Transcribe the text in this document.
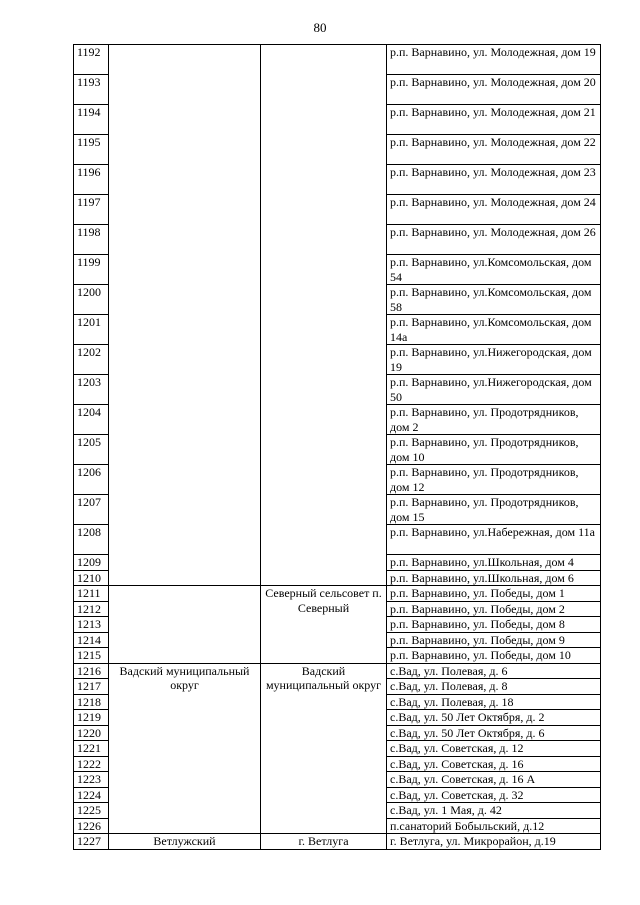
80
1192			р.п. Варнавино, ул. Молодежная, дом 19
1193			р.п. Варнавино, ул. Молодежная, дом 20
1194			р.п. Варнавино, ул. Молодежная, дом 21
1195			р.п. Варнавино, ул. Молодежная, дом 22
1196			р.п. Варнавино, ул. Молодежная, дом 23
1197			р.п. Варнавино, ул. Молодежная, дом 24
1198			р.п. Варнавино, ул. Молодежная, дом 26
1199			р.п. Варнавино, ул.Комсомольская, дом 54
1200			р.п. Варнавино, ул.Комсомольская, дом 58
1201			р.п. Варнавино, ул.Комсомольская, дом 14а
1202			р.п. Варнавино, ул.Нижегородская, дом 19
1203			р.п. Варнавино, ул.Нижегородская, дом 50
1204			р.п. Варнавино, ул. Продотрядников, дом 2
1205			р.п. Варнавино, ул. Продотрядников, дом 10
1206			р.п. Варнавино, ул. Продотрядников, дом 12
1207			р.п. Варнавино, ул. Продотрядников, дом 15
1208			р.п. Варнавино, ул.Набережная, дом 11а
1209			р.п. Варнавино, ул.Школьная, дом 4
1210			р.п. Варнавино, ул.Школьная, дом 6
1211		Северный сельсовет п. Северный	р.п. Варнавино, ул. Победы, дом 1
1212			р.п. Варнавино, ул. Победы, дом 2
1213			р.п. Варнавино, ул. Победы, дом 8
1214			р.п. Варнавино, ул. Победы, дом 9
1215			р.п. Варнавино, ул. Победы, дом 10
1216	Вадский муниципальный округ	Вадский муниципальный округ	с.Вад, ул. Полевая, д. 6
1217			с.Вад, ул. Полевая, д. 8
1218			с.Вад, ул. Полевая, д. 18
1219			с.Вад, ул. 50 Лет Октября, д. 2
1220			с.Вад, ул. 50 Лет Октября, д. 6
1221			с.Вад, ул. Советская, д. 12
1222			с.Вад, ул. Советская, д. 16
1223			с.Вад, ул. Советская, д. 16 А
1224			с.Вад, ул. Советская, д. 32
1225			с.Вад, ул. 1 Мая, д. 42
1226			п.санаторий Бобыльский, д.12
1227	Ветлужский	г. Ветлуга	г. Ветлуга, ул. Микрорайон, д.19
